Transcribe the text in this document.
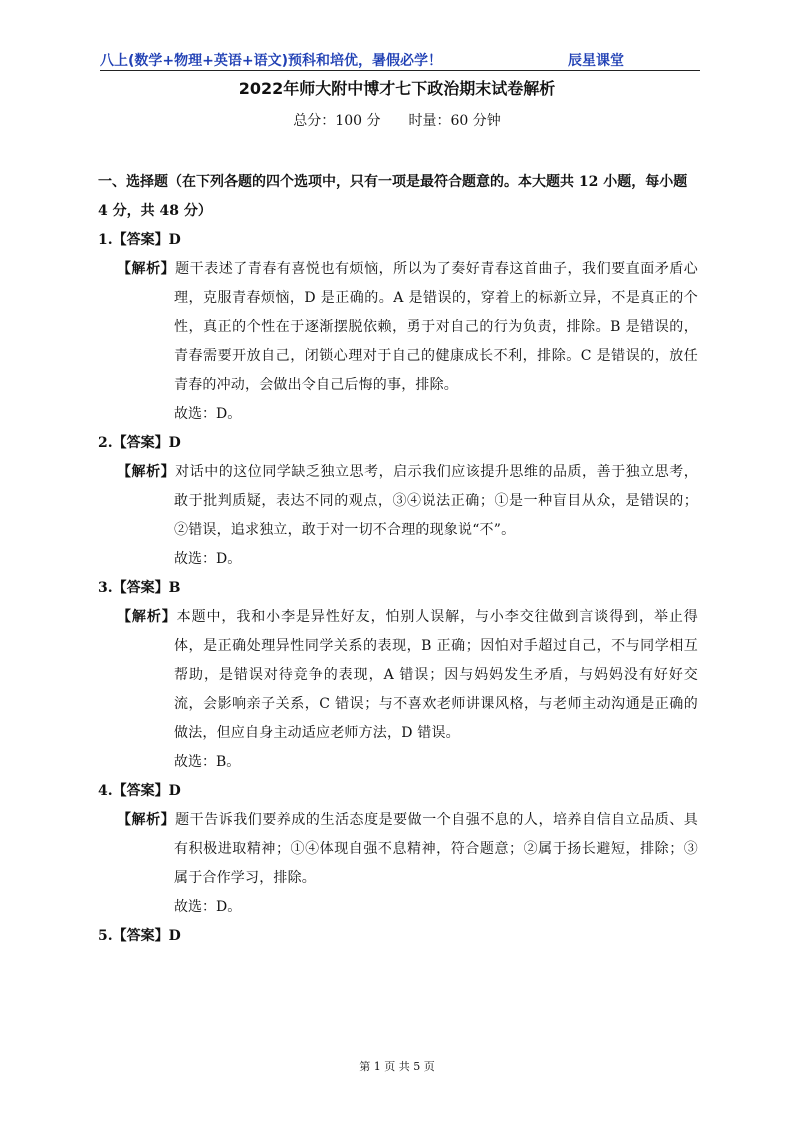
八上(数学+物理+英语+语文)预科和培优，暑假必学！	辰星课堂
2022年师大附中博才七下政治期末试卷解析
总分：100 分 时量：60 分钟

一、选择题（在下列各题的四个选项中，只有一项是最符合题意的。本大题共 12 小题，每小题 4 分，共 48 分）

1.【答案】D

【解析】题干表述了青春有喜悦也有烦恼，所以为了奏好青春这首曲子，我们要直面矛盾心理，克服青春烦恼，D 是正确的。A 是错误的，穿着上的标新立异，不是真正的个性，真正的个性在于逐渐摆脱依赖，勇于对自己的行为负责，排除。B 是错误的，青春需要开放自己，闭锁心理对于自己的健康成长不利，排除。C 是错误的，放任青春的冲动，会做出令自己后悔的事，排除。

故选：D。

2.【答案】D

【解析】对话中的这位同学缺乏独立思考，启示我们应该提升思维的品质，善于独立思考，敢于批判质疑，表达不同的观点，③④说法正确；①是一种盲目从众，是错误的；②错误，追求独立，敢于对一切不合理的现象说“不”。

故选：D。

3.【答案】B

【解析】本题中，我和小李是异性好友，怕别人误解，与小李交往做到言谈得到，举止得体，是正确处理异性同学关系的表现，B 正确；因怕对手超过自己，不与同学相互帮助，是错误对待竞争的表现，A 错误；因与妈妈发生矛盾，与妈妈没有好好交流，会影响亲子关系，C 错误；与不喜欢老师讲课风格，与老师主动沟通是正确的做法，但应自身主动适应老师方法，D 错误。

故选：B。

4.【答案】D

【解析】题干告诉我们要养成的生活态度是要做一个自强不息的人，培养自信自立品质、具有积极进取精神；①④体现自强不息精神，符合题意；②属于扬长避短，排除；③属于合作学习，排除。

故选：D。

5.【答案】D

第 1 页 共 5 页
